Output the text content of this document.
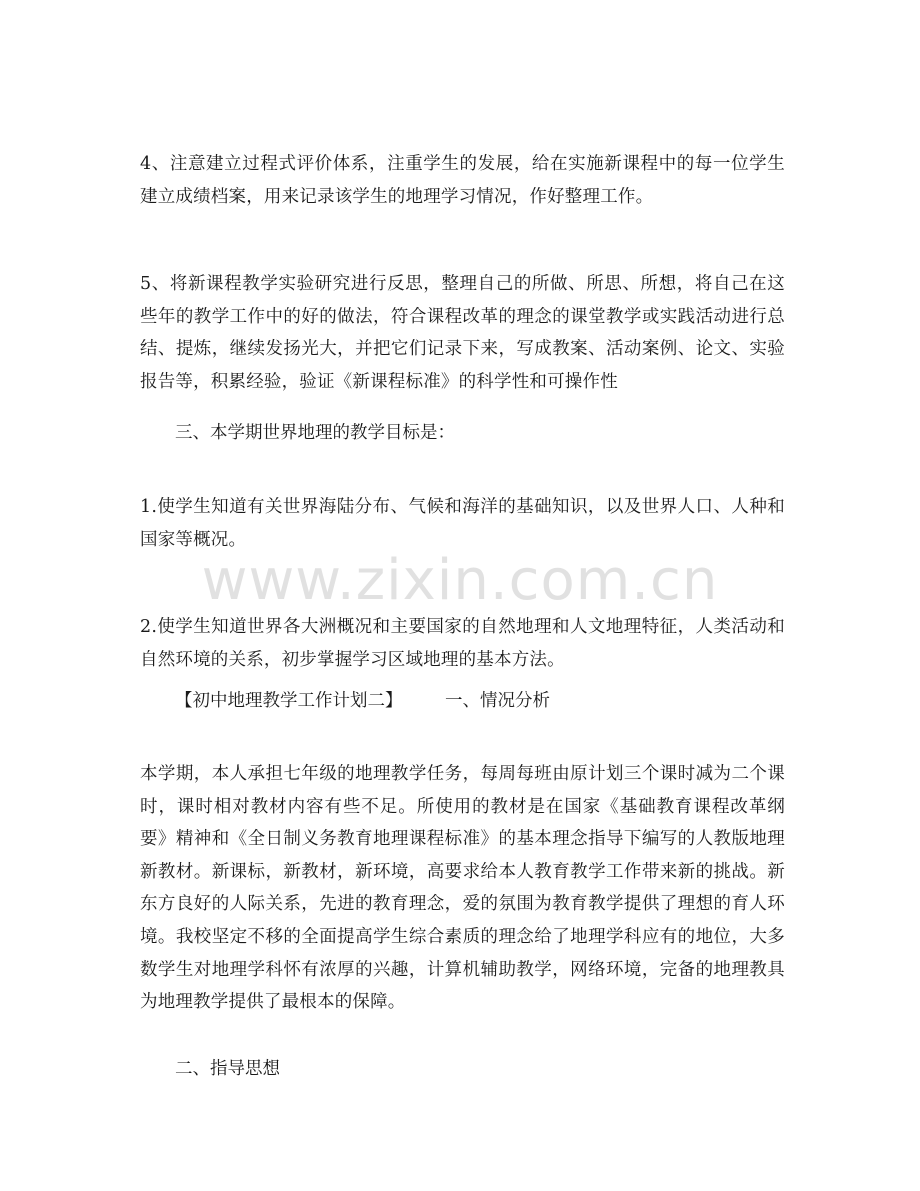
4、注意建立过程式评价体系，注重学生的发展，给在实施新课程中的每一位学生建立成绩档案，用来记录该学生的地理学习情况，作好整理工作。

5、将新课程教学实验研究进行反思，整理自己的所做、所思、所想，将自己在这些年的教学工作中的好的做法，符合课程改革的理念的课堂教学或实践活动进行总结、提炼，继续发扬光大，并把它们记录下来，写成教案、活动案例、论文、实验报告等，积累经验，验证《新课程标准》的科学性和可操作性

三、本学期世界地理的教学目标是：

1.使学生知道有关世界海陆分布、气候和海洋的基础知识，以及世界人口、人种和国家等概况。

2.使学生知道世界各大洲概况和主要国家的自然地理和人文地理特征，人类活动和自然环境的关系，初步掌握学习区域地理的基本方法。

【初中地理教学工作计划二】 一、情况分析

本学期，本人承担七年级的地理教学任务，每周每班由原计划三个课时减为二个课时，课时相对教材内容有些不足。所使用的教材是在国家《基础教育课程改革纲要》精神和《全日制义务教育地理课程标准》的基本理念指导下编写的人教版地理新教材。新课标，新教材，新环境，高要求给本人教育教学工作带来新的挑战。新东方良好的人际关系，先进的教育理念，爱的氛围为教育教学提供了理想的育人环境。我校坚定不移的全面提高学生综合素质的理念给了地理学科应有的地位，大多数学生对地理学科怀有浓厚的兴趣，计算机辅助教学，网络环境，完备的地理教具为地理教学提供了最根本的保障。

二、指导思想

www.zixin.com.cn
